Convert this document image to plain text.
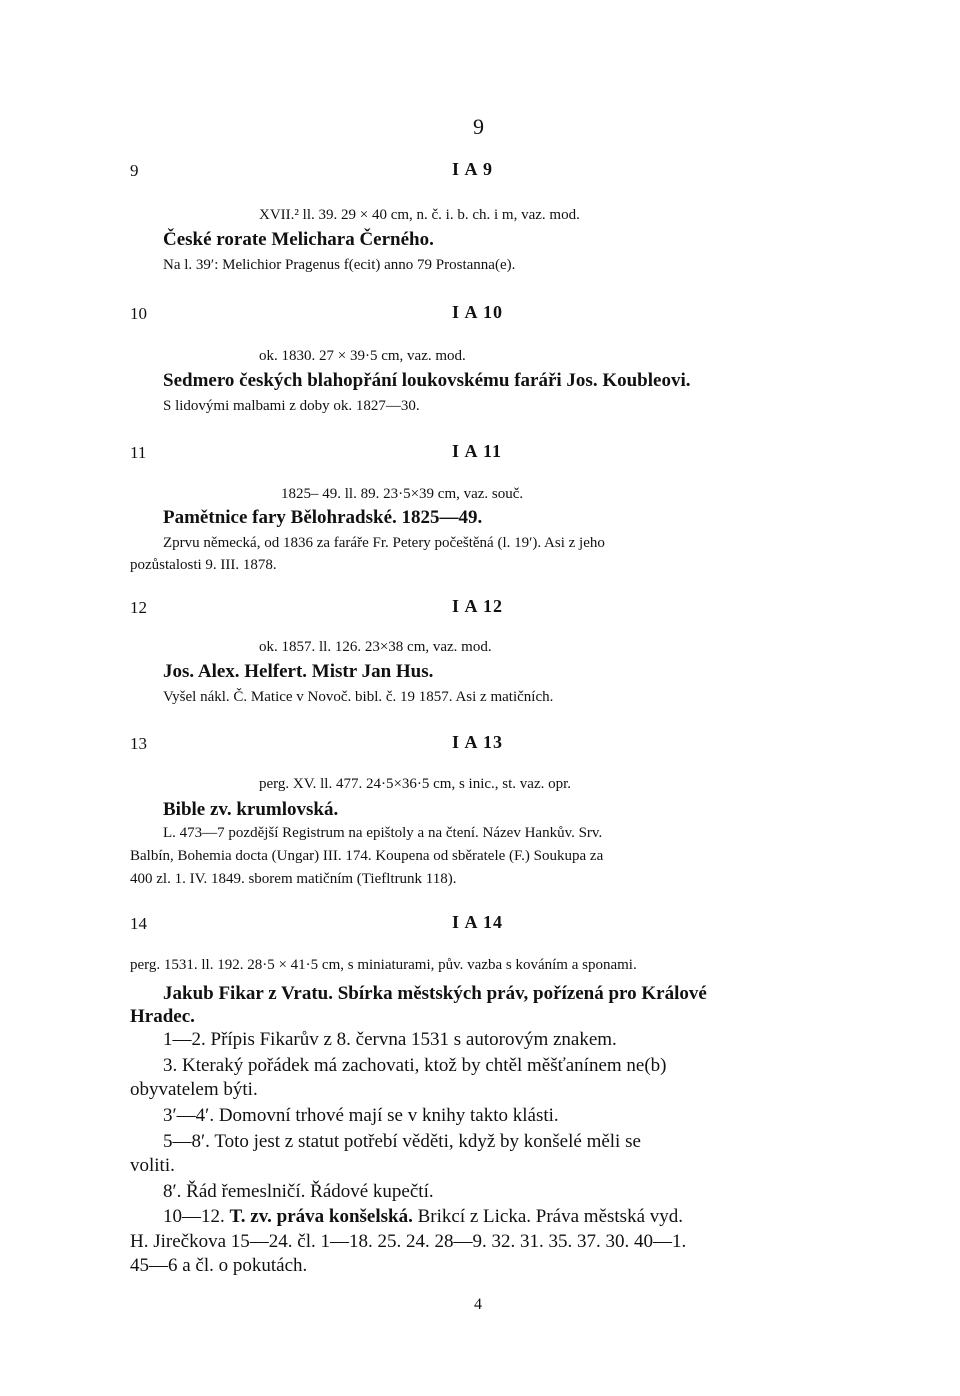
9
9	I A 9
XVII.² ll. 39. 29 × 40 cm, n. č. i. b. ch. i m, vaz. mod.
České rorate Melichara Černého.
Na l. 39′: Melichior Pragenus f(ecit) anno 79 Prostanna(e).
10	I A 10
ok. 1830. 27 × 39·5 cm, vaz. mod.
Sedmero českých blahopřání loukovskému faráři Jos. Koubleovi.
S lidovými malbami z doby ok. 1827—30.
11	I A 11
1825– 49. ll. 89. 23·5×39 cm, vaz. souč.
Pamětnice fary Bělohradské. 1825—49.
Zprvu německá, od 1836 za faráře Fr. Petery počeštěná (l. 19′). Asi z jeho
pozůstalosti 9. III. 1878.
12	I A 12
ok. 1857. ll. 126. 23×38 cm, vaz. mod.
Jos. Alex. Helfert. Mistr Jan Hus.
Vyšel nákl. Č. Matice v Novoč. bibl. č. 19 1857. Asi z matičních.
13	I A 13
perg. XV. ll. 477. 24·5×36·5 cm, s inic., st. vaz. opr.
Bible zv. krumlovská.
L. 473—7 pozdější Registrum na epištoly a na čtení. Název Hankův. Srv.
Balbín, Bohemia docta (Ungar) III. 174. Koupena od sběratele (F.) Soukupa za
400 zl. 1. IV. 1849. sborem matičním (Tiefltrunk 118).
14	I A 14
perg. 1531. ll. 192. 28·5 × 41·5 cm, s miniaturami, pův. vazba s kováním a sponami.
Jakub Fikar z Vratu. Sbírka městských práv, pořízená pro Králové
Hradec.
1—2. Přípis Fikarův z 8. června 1531 s autorovým znakem.
3. Kteraký pořádek má zachovati, ktož by chtěl měšťanínem ne(b)
obyvatelem býti.
3′—4′. Domovní trhové mají se v knihy takto klásti.
5—8′. Toto jest z statut potřebí věděti, když by konšelé měli se
voliti.
8′. Řád řemeslničí. Řádové kupečtí.
10—12. T. zv. práva konšelská. Brikcí z Licka. Práva městská vyd.
H. Jirečkova 15—24. čl. 1—18. 25. 24. 28—9. 32. 31. 35. 37. 30. 40—1.
45—6 a čl. o pokutách.
4
